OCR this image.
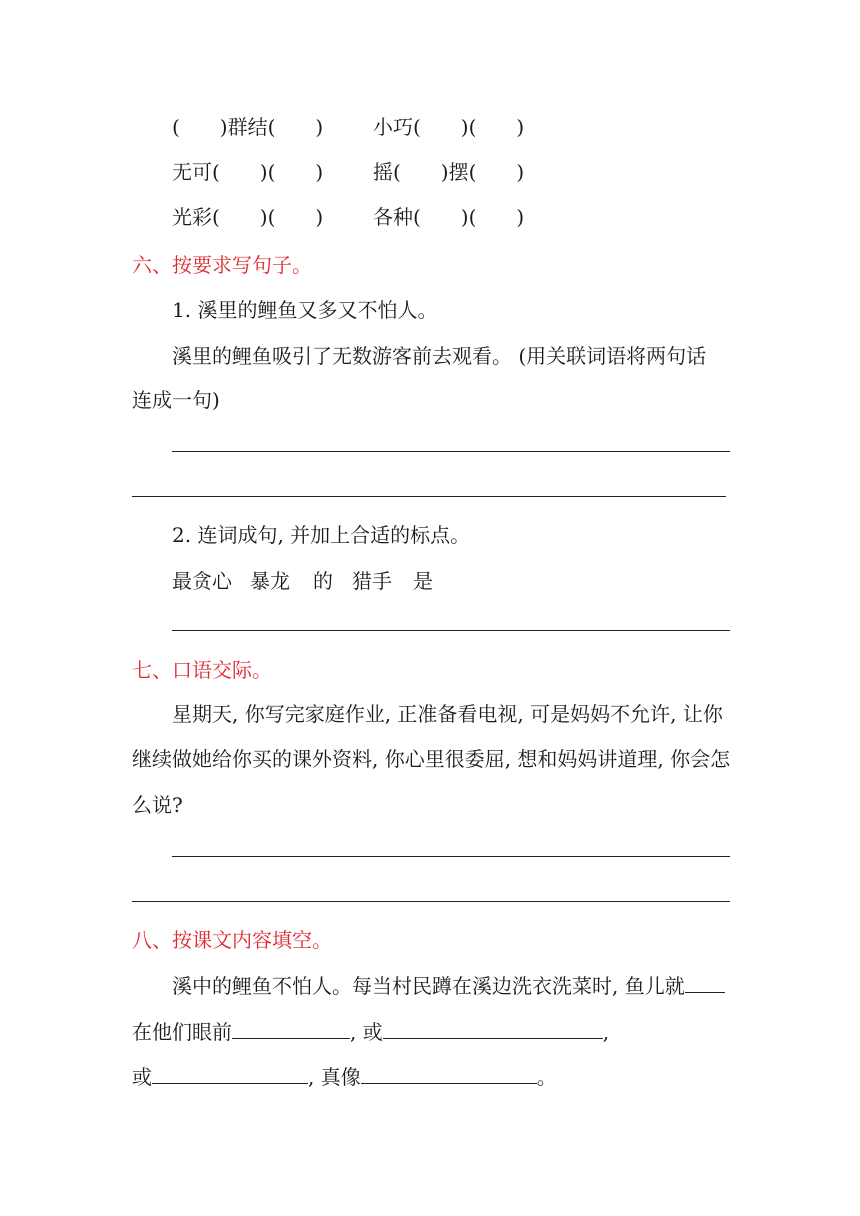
(　　)群结(　　) 小巧(　　)(　　)
无可(　　)(　　) 摇(　　)摆(　　)
光彩(　　)(　　) 各种(　　)(　　)
六、按要求写句子。
1. 溪里的鲤鱼又多又不怕人。
溪里的鲤鱼吸引了无数游客前去观看。 (用关联词语将两句话
连成一句)
2. 连词成句, 并加上合适的标点。
最贪心 暴龙 的 猎手 是
七、口语交际。
星期天, 你写完家庭作业, 正准备看电视, 可是妈妈不允许, 让你
继续做她给你买的课外资料, 你心里很委屈, 想和妈妈讲道理, 你会怎
么说?
八、按课文内容填空。
溪中的鲤鱼不怕人。每当村民蹲在溪边洗衣洗菜时, 鱼儿就
在他们眼前	, 或	,
或	, 真像	。
